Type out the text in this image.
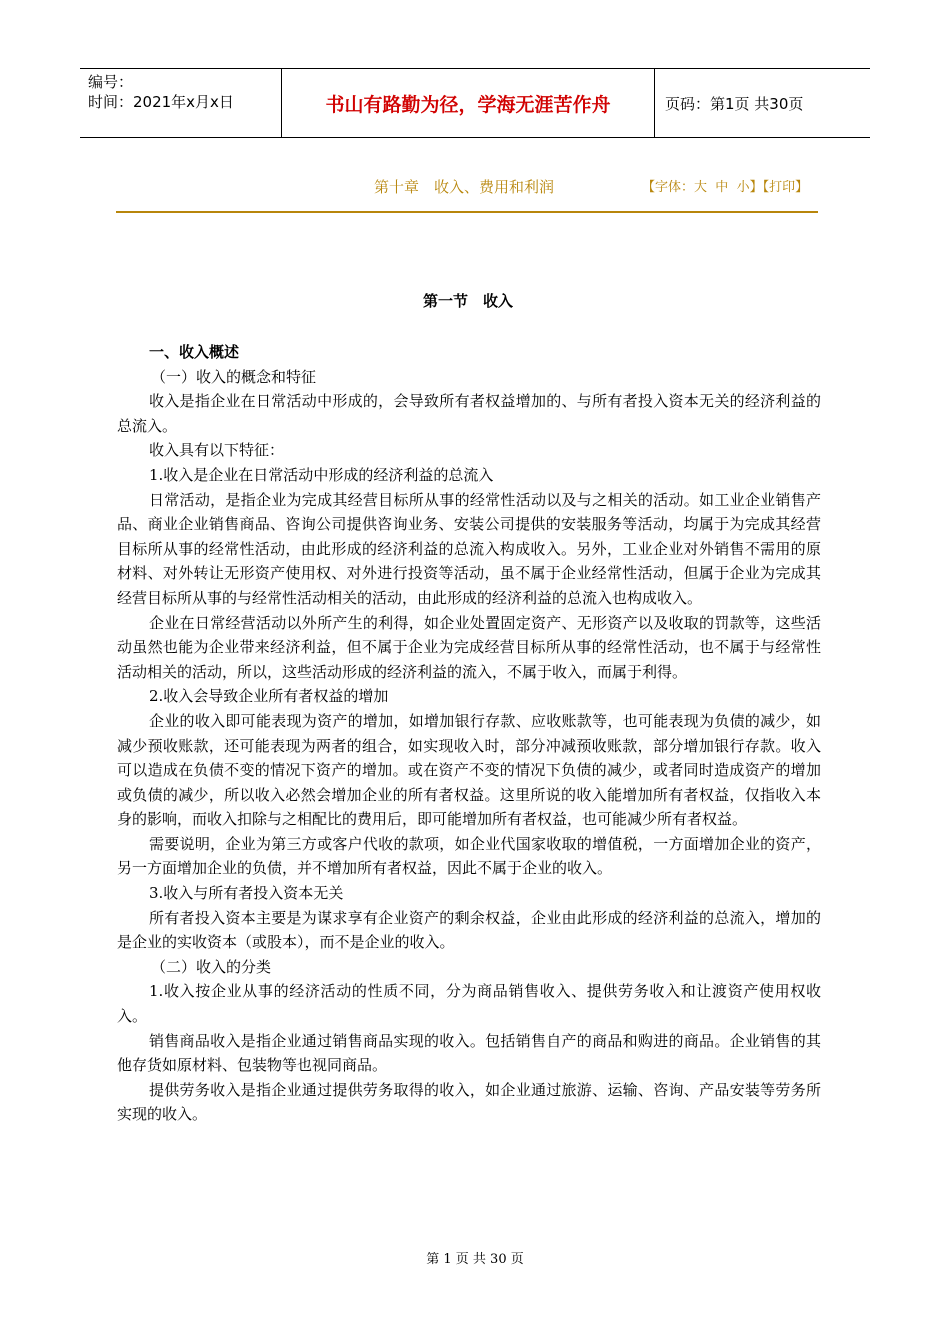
编号：
时间：2021年x月x日	书山有路勤为径，学海无涯苦作舟	页码：第1页 共30页
第十章　收入、费用和利润	【字体：大 中 小】【打印】
第一节　收入

一、收入概述

（一）收入的概念和特征

收入是指企业在日常活动中形成的，会导致所有者权益增加的、与所有者投入资本无关的经济利益的总流入。

收入具有以下特征：

1.收入是企业在日常活动中形成的经济利益的总流入

日常活动，是指企业为完成其经营目标所从事的经常性活动以及与之相关的活动。如工业企业销售产品、商业企业销售商品、咨询公司提供咨询业务、安装公司提供的安装服务等活动，均属于为完成其经营目标所从事的经常性活动，由此形成的经济利益的总流入构成收入。另外，工业企业对外销售不需用的原材料、对外转让无形资产使用权、对外进行投资等活动，虽不属于企业经常性活动，但属于企业为完成其经营目标所从事的与经常性活动相关的活动，由此形成的经济利益的总流入也构成收入。

企业在日常经营活动以外所产生的利得，如企业处置固定资产、无形资产以及收取的罚款等，这些活动虽然也能为企业带来经济利益，但不属于企业为完成经营目标所从事的经常性活动，也不属于与经常性活动相关的活动，所以，这些活动形成的经济利益的流入，不属于收入，而属于利得。

2.收入会导致企业所有者权益的增加

企业的收入即可能表现为资产的增加，如增加银行存款、应收账款等，也可能表现为负债的减少，如减少预收账款，还可能表现为两者的组合，如实现收入时，部分冲减预收账款，部分增加银行存款。收入可以造成在负债不变的情况下资产的增加。或在资产不变的情况下负债的减少，或者同时造成资产的增加或负债的减少，所以收入必然会增加企业的所有者权益。这里所说的收入能增加所有者权益，仅指收入本身的影响，而收入扣除与之相配比的费用后，即可能增加所有者权益，也可能减少所有者权益。

需要说明，企业为第三方或客户代收的款项，如企业代国家收取的增值税，一方面增加企业的资产，另一方面增加企业的负债，并不增加所有者权益，因此不属于企业的收入。

3.收入与所有者投入资本无关

所有者投入资本主要是为谋求享有企业资产的剩余权益，企业由此形成的经济利益的总流入，增加的是企业的实收资本（或股本），而不是企业的收入。

（二）收入的分类

1.收入按企业从事的经济活动的性质不同，分为商品销售收入、提供劳务收入和让渡资产使用权收入。

销售商品收入是指企业通过销售商品实现的收入。包括销售自产的商品和购进的商品。企业销售的其他存货如原材料、包装物等也视同商品。

提供劳务收入是指企业通过提供劳务取得的收入，如企业通过旅游、运输、咨询、产品安装等劳务所实现的收入。

第 1 页 共 30 页
